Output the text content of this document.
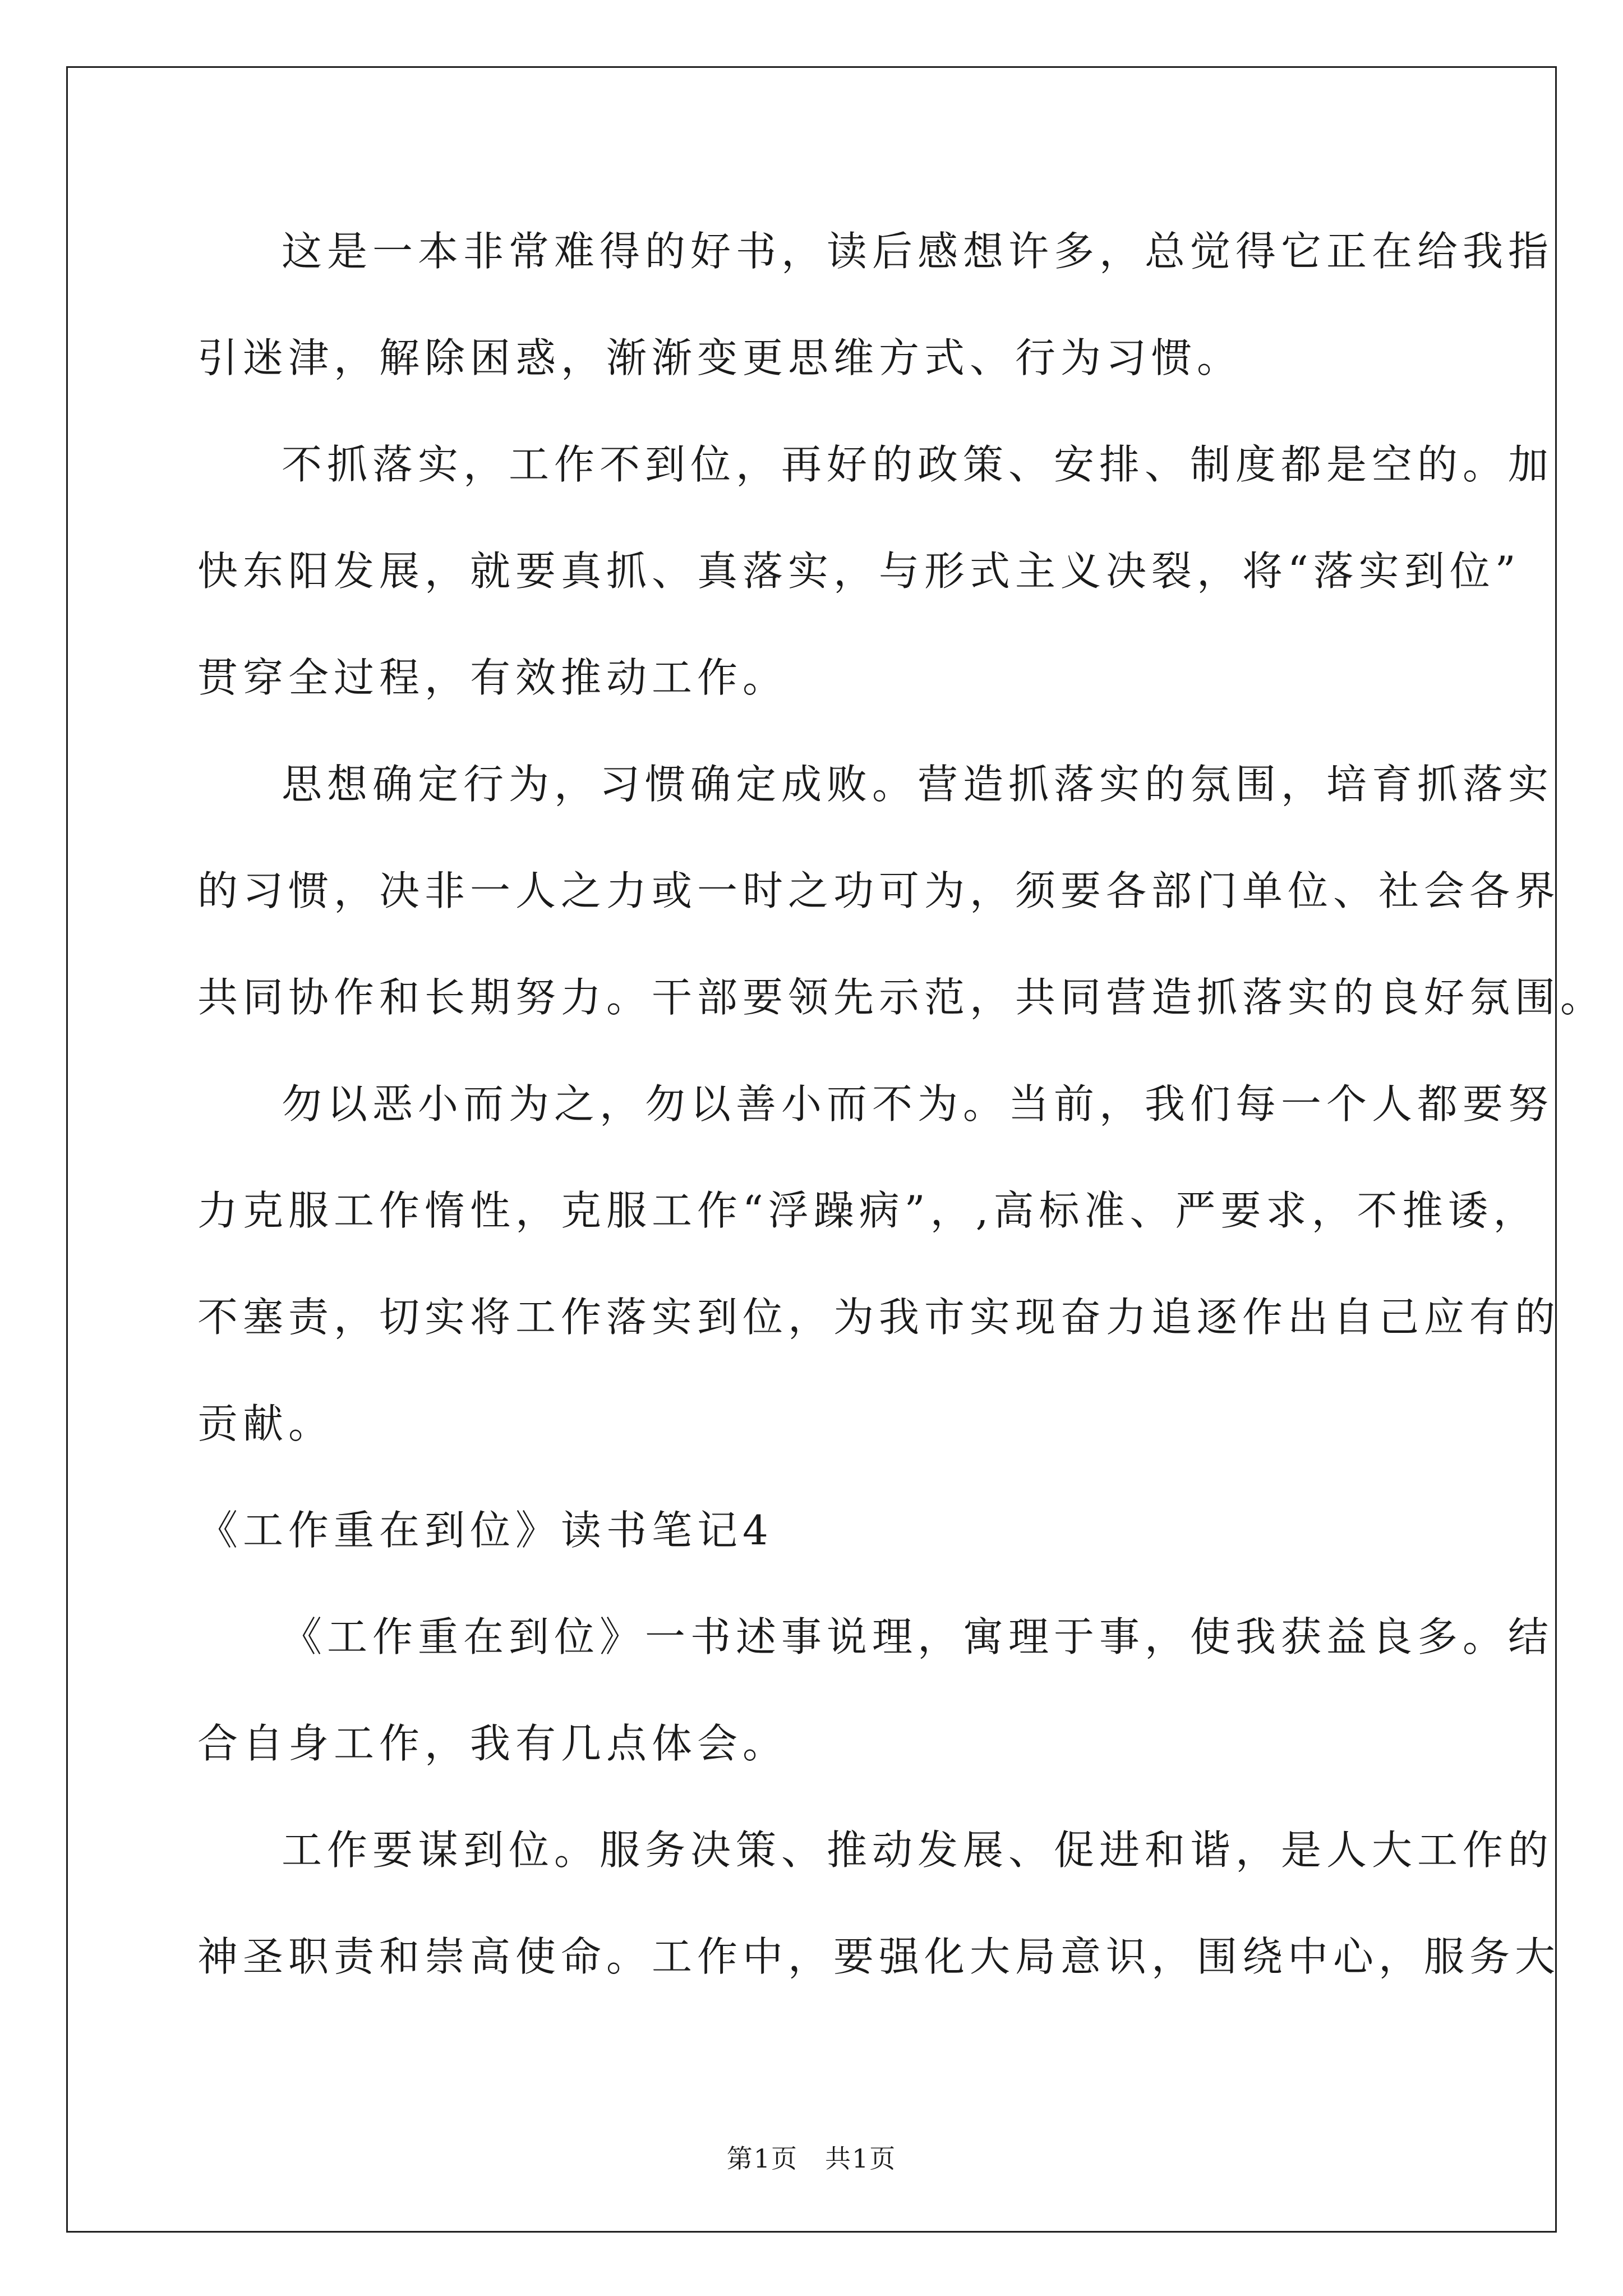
这是一本非常难得的好书，读后感想许多，总觉得它正在给我指
引迷津，解除困惑，渐渐变更思维方式、行为习惯。
不抓落实，工作不到位，再好的政策、安排、制度都是空的。加
快东阳发展，就要真抓、真落实，与形式主义决裂，将“落实到位”
贯穿全过程，有效推动工作。
思想确定行为，习惯确定成败。营造抓落实的氛围，培育抓落实
的习惯，决非一人之力或一时之功可为，须要各部门单位、社会各界
共同协作和长期努力。干部要领先示范，共同营造抓落实的良好氛围。
勿以恶小而为之，勿以善小而不为。当前，我们每一个人都要努
力克服工作惰性，克服工作“浮躁病”，,高标准、严要求，不推诿，
不塞责，切实将工作落实到位，为我市实现奋力追逐作出自己应有的
贡献。
《工作重在到位》读书笔记4
《工作重在到位》一书述事说理，寓理于事，使我获益良多。结
合自身工作，我有几点体会。
工作要谋到位。服务决策、推动发展、促进和谐，是人大工作的
神圣职责和崇高使命。工作中，要强化大局意识，围绕中心，服务大
第1页　共1页
